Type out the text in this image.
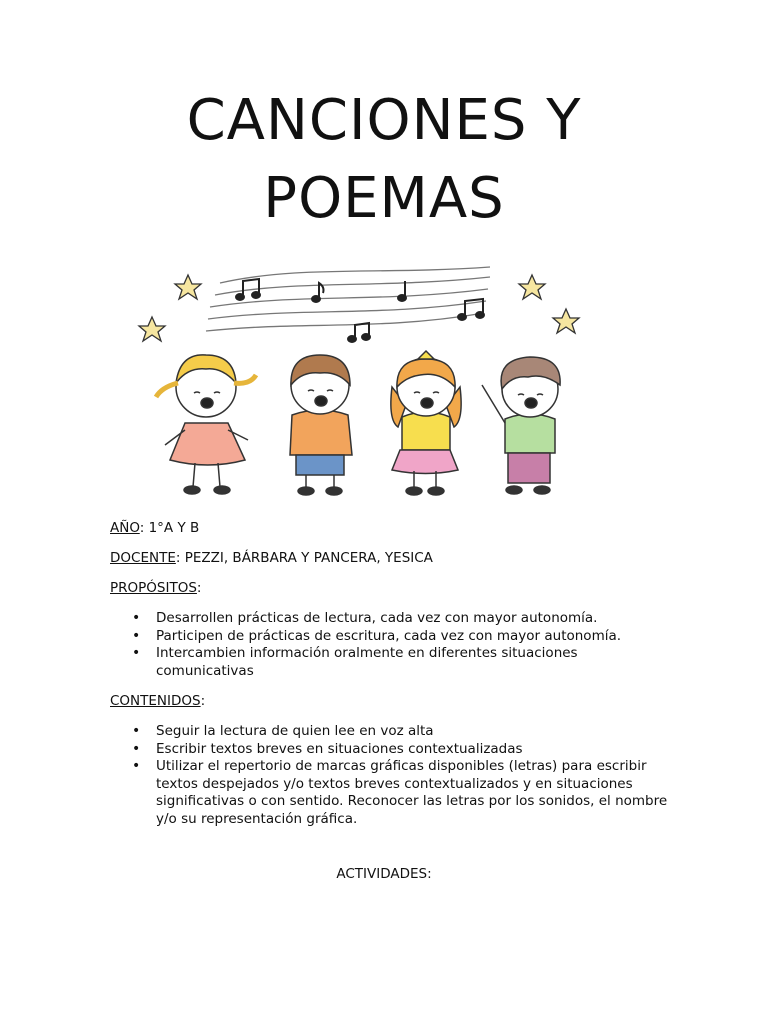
CANCIONES Y
POEMAS
AÑO: 1°A Y B
DOCENTE: PEZZI, BÁRBARA Y PANCERA, YESICA
PROPÓSITOS:
• Desarrollen prácticas de lectura, cada vez con mayor autonomía.
• Participen de prácticas de escritura, cada vez con mayor autonomía.
• Intercambien información oralmente en diferentes situaciones comunicativas
CONTENIDOS:
• Seguir la lectura de quien lee en voz alta
• Escribir textos breves en situaciones contextualizadas
• Utilizar el repertorio de marcas gráficas disponibles (letras) para escribir textos despejados y/o textos breves contextualizados y en situaciones significativas o con sentido. Reconocer las letras por los sonidos, el nombre y/o su representación gráfica.
ACTIVIDADES:
